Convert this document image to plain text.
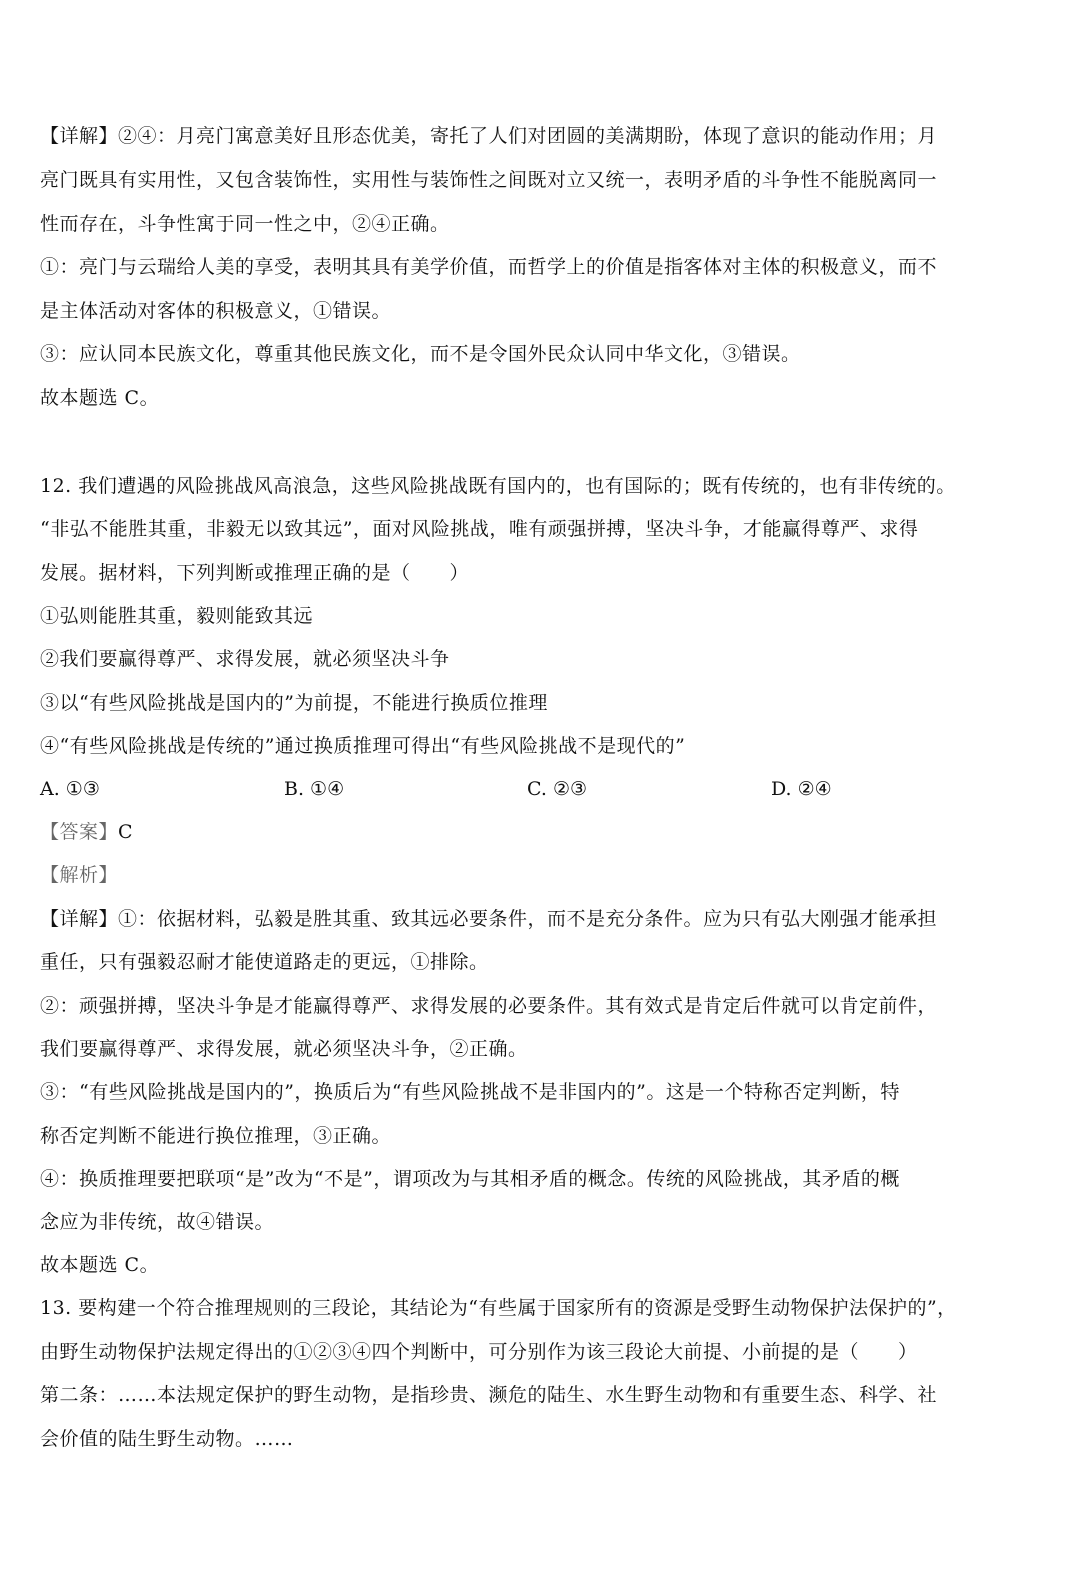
【详解】②④：月亮门寓意美好且形态优美，寄托了人们对团圆的美满期盼，体现了意识的能动作用；月
亮门既具有实用性，又包含装饰性，实用性与装饰性之间既对立又统一，表明矛盾的斗争性不能脱离同一
性而存在，斗争性寓于同一性之中，②④正确。
①：亮门与云瑞给人美的享受，表明其具有美学价值，而哲学上的价值是指客体对主体的积极意义，而不
是主体活动对客体的积极意义，①错误。
③：应认同本民族文化，尊重其他民族文化，而不是令国外民众认同中华文化，③错误。
故本题选 C。
12. 我们遭遇的风险挑战风高浪急，这些风险挑战既有国内的，也有国际的；既有传统的，也有非传统的。
“非弘不能胜其重，非毅无以致其远”，面对风险挑战，唯有顽强拼搏，坚决斗争，才能赢得尊严、求得
发展。据材料，下列判断或推理正确的是（　　）
①弘则能胜其重，毅则能致其远
②我们要赢得尊严、求得发展，就必须坚决斗争
③以“有些风险挑战是国内的”为前提，不能进行换质位推理
④“有些风险挑战是传统的”通过换质推理可得出“有些风险挑战不是现代的”
A. ①③	B. ①④	C. ②③	D. ②④
【答案】C
【解析】
【详解】①：依据材料，弘毅是胜其重、致其远必要条件，而不是充分条件。应为只有弘大刚强才能承担
重任，只有强毅忍耐才能使道路走的更远，①排除。
②：顽强拼搏，坚决斗争是才能赢得尊严、求得发展的必要条件。其有效式是肯定后件就可以肯定前件，
我们要赢得尊严、求得发展，就必须坚决斗争，②正确。
③：“有些风险挑战是国内的”，换质后为“有些风险挑战不是非国内的”。这是一个特称否定判断，特
称否定判断不能进行换位推理，③正确。
④：换质推理要把联项“是”改为“不是”，谓项改为与其相矛盾的概念。传统的风险挑战，其矛盾的概
念应为非传统，故④错误。
故本题选 C。
13. 要构建一个符合推理规则的三段论，其结论为“有些属于国家所有的资源是受野生动物保护法保护的”，
由野生动物保护法规定得出的①②③④四个判断中，可分别作为该三段论大前提、小前提的是（　　）
第二条：……本法规定保护的野生动物，是指珍贵、濒危的陆生、水生野生动物和有重要生态、科学、社
会价值的陆生野生动物。……
